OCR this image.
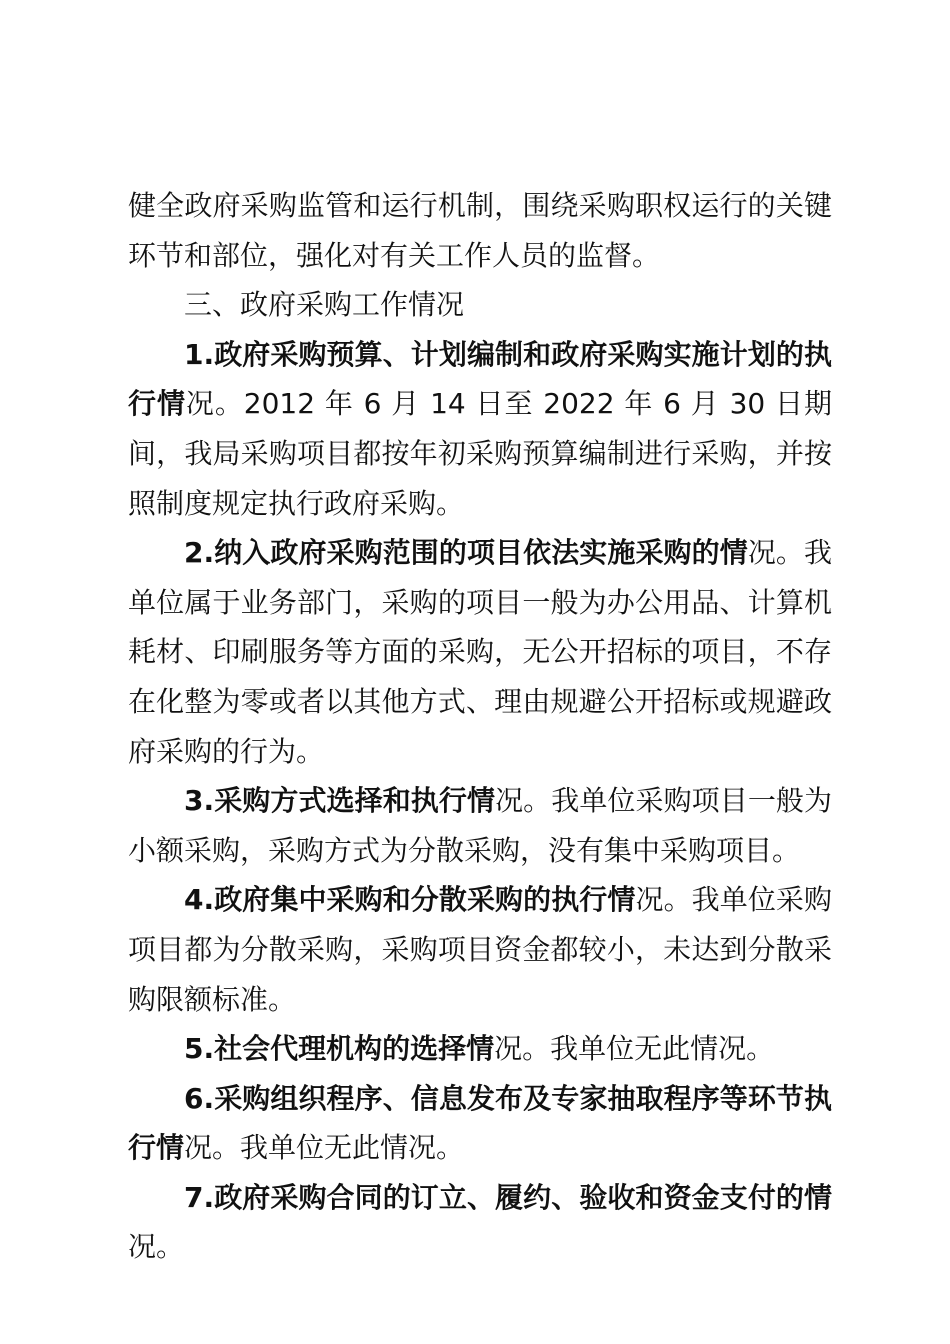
健全政府采购监管和运行机制，围绕采购职权运行的关键环节和部位，强化对有关工作人员的监督。

三、政府采购工作情况

1.政府采购预算、计划编制和政府采购实施计划的执行情况。2012 年 6 月 14 日至 2022 年 6 月 30 日期间，我局采购项目都按年初采购预算编制进行采购，并按照制度规定执行政府采购。

2.纳入政府采购范围的项目依法实施采购的情况。我单位属于业务部门，采购的项目一般为办公用品、计算机耗材、印刷服务等方面的采购，无公开招标的项目，不存在化整为零或者以其他方式、理由规避公开招标或规避政府采购的行为。

3.采购方式选择和执行情况。我单位采购项目一般为小额采购，采购方式为分散采购，没有集中采购项目。

4.政府集中采购和分散采购的执行情况。我单位采购项目都为分散采购，采购项目资金都较小，未达到分散采购限额标准。

5.社会代理机构的选择情况。我单位无此情况。

6.采购组织程序、信息发布及专家抽取程序等环节执行情况。我单位无此情况。

7.政府采购合同的订立、履约、验收和资金支付的情况。
